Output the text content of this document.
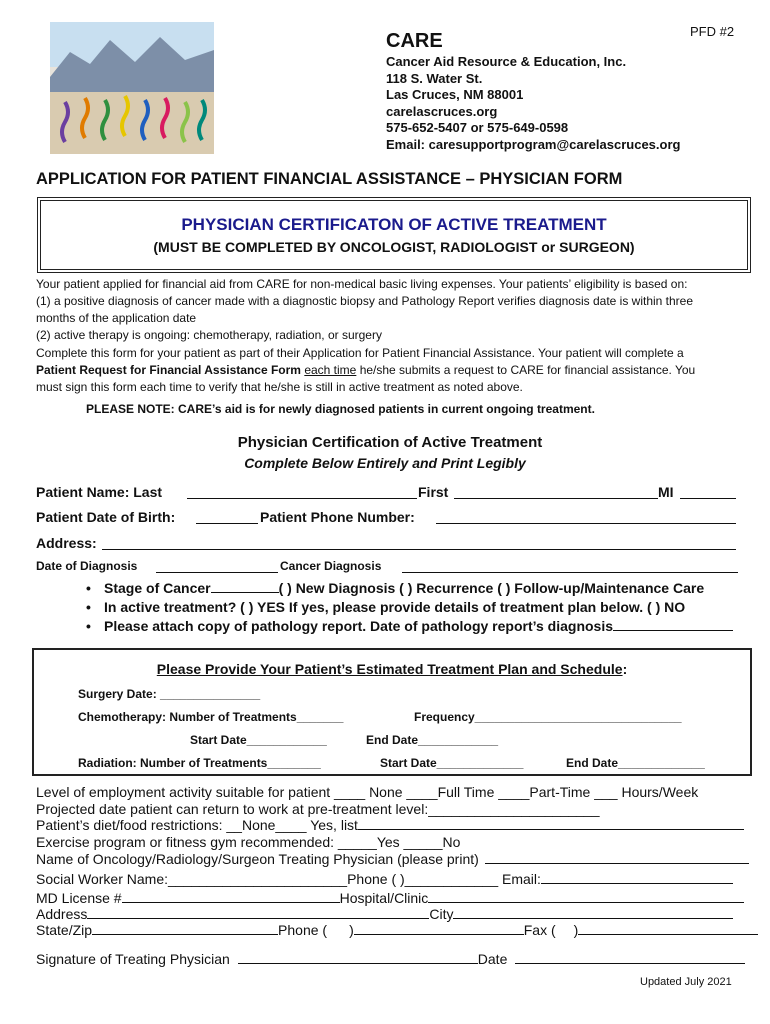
PFD #2
CARE
Cancer Aid Resource & Education, Inc.
118 S. Water St.
Las Cruces, NM 88001
carelascruces.org
575-652-5407 or 575-649-0598
Email: caresupportprogram@carelascruces.org
APPLICATION FOR PATIENT FINANCIAL ASSISTANCE – PHYSICIAN FORM
PHYSICIAN CERTIFICATON OF ACTIVE TREATMENT
(MUST BE COMPLETED BY ONCOLOGIST, RADIOLOGIST or SURGEON)
Your patient applied for financial aid from CARE for non-medical basic living expenses. Your patients’ eligibility is based on:
(1) a positive diagnosis of cancer made with a diagnostic biopsy and Pathology Report verifies diagnosis date is within three
months of the application date
(2) active therapy is ongoing: chemotherapy, radiation, or surgery
Complete this form for your patient as part of their Application for Patient Financial Assistance. Your patient will complete a
Patient Request for Financial Assistance Form each time he/she submits a request to CARE for financial assistance. You
must sign this form each time to verify that he/she is still in active treatment as noted above.
PLEASE NOTE: CARE’s aid is for newly diagnosed patients in current ongoing treatment.
Physician Certification of Active Treatment
Complete Below Entirely and Print Legibly
Patient Name: Last	First	MI
Patient Date of Birth:	Patient Phone Number:
Address:
Date of Diagnosis	Cancer Diagnosis
• Stage of Cancer	( ) New Diagnosis ( ) Recurrence ( ) Follow-up/Maintenance Care
• In active treatment? ( ) YES If yes, please provide details of treatment plan below. ( ) NO
• Please attach copy of pathology report. Date of pathology report’s diagnosis
Please Provide Your Patient’s Estimated Treatment Plan and Schedule:
Surgery Date: _______________
Chemotherapy: Number of Treatments_______	Frequency_______________________________
Start Date____________	End Date____________
Radiation: Number of Treatments________	Start Date_____________	End Date_____________
Level of employment activity suitable for patient ____ None ____Full Time ____Part-Time ___ Hours/Week
Projected date patient can return to work at pre-treatment level:______________________
Patient’s diet/food restrictions: __None____ Yes, list
Exercise program or fitness gym recommended: _____Yes _____No
Name of Oncology/Radiology/Surgeon Treating Physician (please print)
Social Worker Name:_______________________Phone ( )____________ Email:
MD License #	Hospital/Clinic
Address	City
State/Zip	Phone ( )	Fax ( )
Signature of Treating Physician	Date
Updated July 2021
